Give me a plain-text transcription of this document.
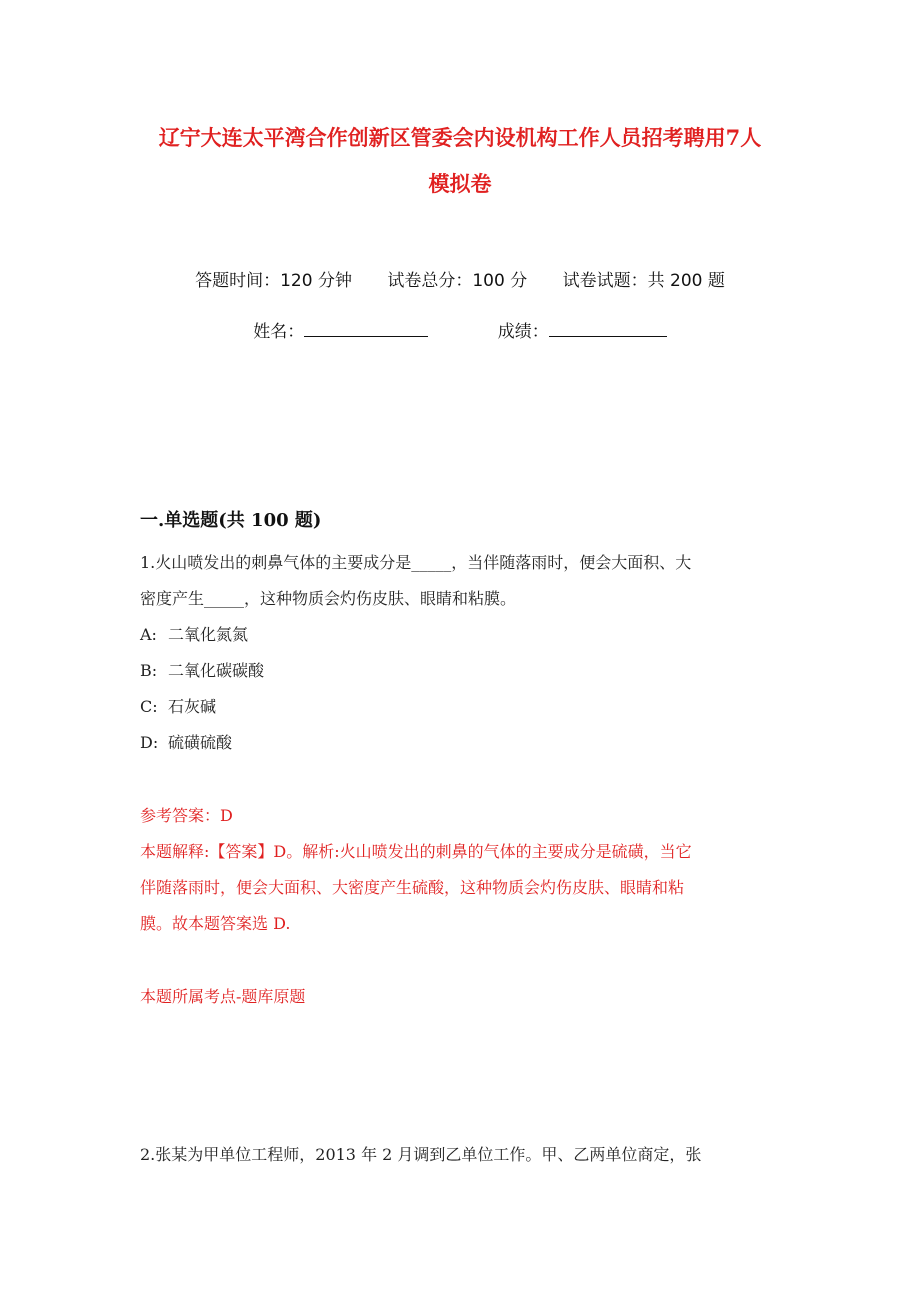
辽宁大连太平湾合作创新区管委会内设机构工作人员招考聘用7人
模拟卷
答题时间：120 分钟 试卷总分：100 分 试卷试题：共 200 题
姓名：	成绩：
一.单选题(共 100 题)
1.火山喷发出的刺鼻气体的主要成分是_____，当伴随落雨时，便会大面积、大
密度产生_____，这种物质会灼伤皮肤、眼睛和粘膜。
A: 二氧化氮氮
B: 二氧化碳碳酸
C: 石灰碱
D: 硫磺硫酸
参考答案：D
本题解释:【答案】D。解析:火山喷发出的刺鼻的气体的主要成分是硫磺，当它
伴随落雨时，便会大面积、大密度产生硫酸，这种物质会灼伤皮肤、眼睛和粘
膜。故本题答案选 D.
本题所属考点-题库原题
2.张某为甲单位工程师，2013 年 2 月调到乙单位工作。甲、乙两单位商定，张
